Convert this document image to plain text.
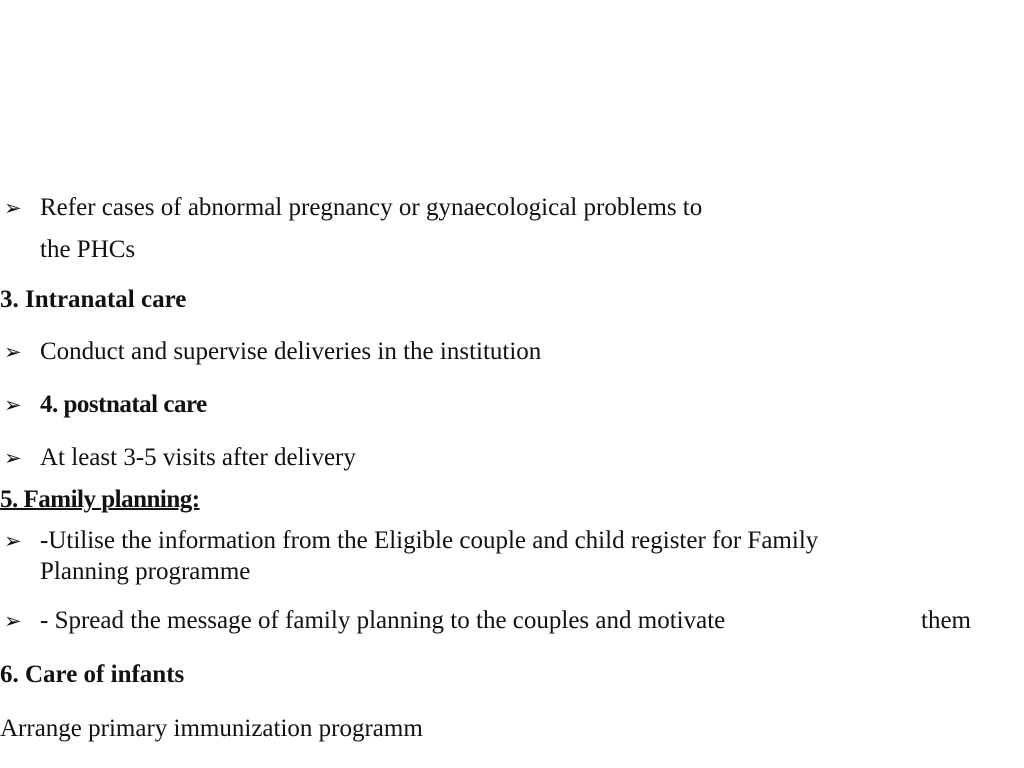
➢ Refer cases of abnormal pregnancy or gynaecological problems to
the PHCs
3. Intranatal care
➢ Conduct and supervise deliveries in the institution
➢ 4. postnatal care
➢ At least 3-5 visits after delivery
5. Family planning:
➢ -Utilise the information from the Eligible couple and child register for Family
Planning programme
➢ - Spread the message of family planning to the couples and motivate	them
6. Care of infants
Arrange primary immunization programm
